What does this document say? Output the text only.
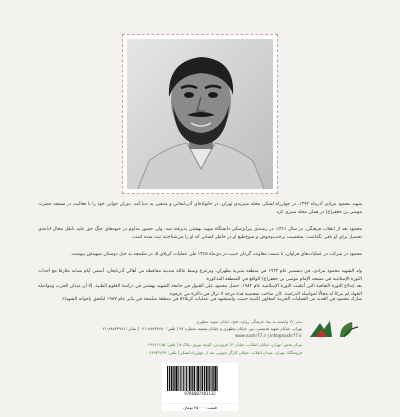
شهید محمود مرادی آذرماه ۱۳۴۲، در چهارراه لشکر، محله منیریه‌ی تهران، در خانواده‌ای آذربایجانی و مذهبی به دنیا آمد. دوران جوانی خود را با فعالیت در مسجد حضرت موسی بن جعفر(ع) در همان محله سپری کرد.

محمود بعد از انقلاب فرهنگی، در سال ۱۳۶۱، در رشته‌ی پیراپزشکی دانشگاه شهید بهشتی پذیرفته شد. ولی حضور مداوم در جبهه‌های جنگ حق علیه باطل مجال ادامه‌ی تحصیل برای او باقی نگذاشت. شخصیت پرجنب‌وجوش و شوخ‌طبع او در خاطر کسانی که او را می‌شناختند ثبت شده است.

محمود در شرکت در عملیات‌های فراوان، با سمت معاونت گردان حبیب در دی‌ماه ۱۳۶۵ طی عملیات کربلای ۵، در شلمچه به خیل دوستان شهیدش پیوست.

ولد الشهيد محمود مرادي، في ديسمبر عام ١٩٦٣ في منطقة منيرية بطهران، وترعرع وسط عائلة متدينة محافظة من أهالي آذربايجان. أمضى أيام شبابه ملازمًا مع أحداث الثورة الإسلامية في مسجد الإمام موسى بن جعفر(ع) الواقع في المنطقة المذكورة.

بعد إندلاع الثورة الثقافية التي أعقبت الثورة الإسلامية عام ١٩٨٢، حصل محمود على القبول في جامعة الشهيد بهشتي في دراسة العلوم الطبية. إلا أن ميدان الحرب ومواصلة الجهاد لم يتركا له مجالًا لمواصلة الدراسة. كان صاحب شخصية فذة مرحة لا تزال في ذاكرة من عرفوه.

شارك محمود في العديد من العمليات الحربية كمعاون لكتيبة حبيب، واستشهد في عمليات كربلاء٥ في منطقة شلمجة في يناير عام ١٩٨٧ ليلتحق بإخوانه الشهداء.

نشر ۷۷ وابسته به بنیاد فرهنگی روایت فتح، خیابان شهید مطهری
تهران، خیابان شهید قدوسی، بین خیابان مطهری و خیابان سمیه، شماره ۷۷ | تلفن: ۸۸۸۳۴۷۸۰-۰۲۱ | نمابر: ۸۸۸۳۴۷۸۱-۰۲۱
www.nashr77.ir | info@nashr77.ir
مرکز پخش: تهران، خیابان انقلاب، خیابان ۱۲ فروردین، کوچه نوروز، پلاک ۵ | تلفن: ۶۶۴۶۱۱۸۵
فروشگاه: تهران، میدان انقلاب، خیابان کارگر جنوبی، بعد از چهارراه لشکر | تلفن: ۶۶۹۲۲۸۳۴
9786007481132
قیمت: ۲۵۰۰۰ تومان
